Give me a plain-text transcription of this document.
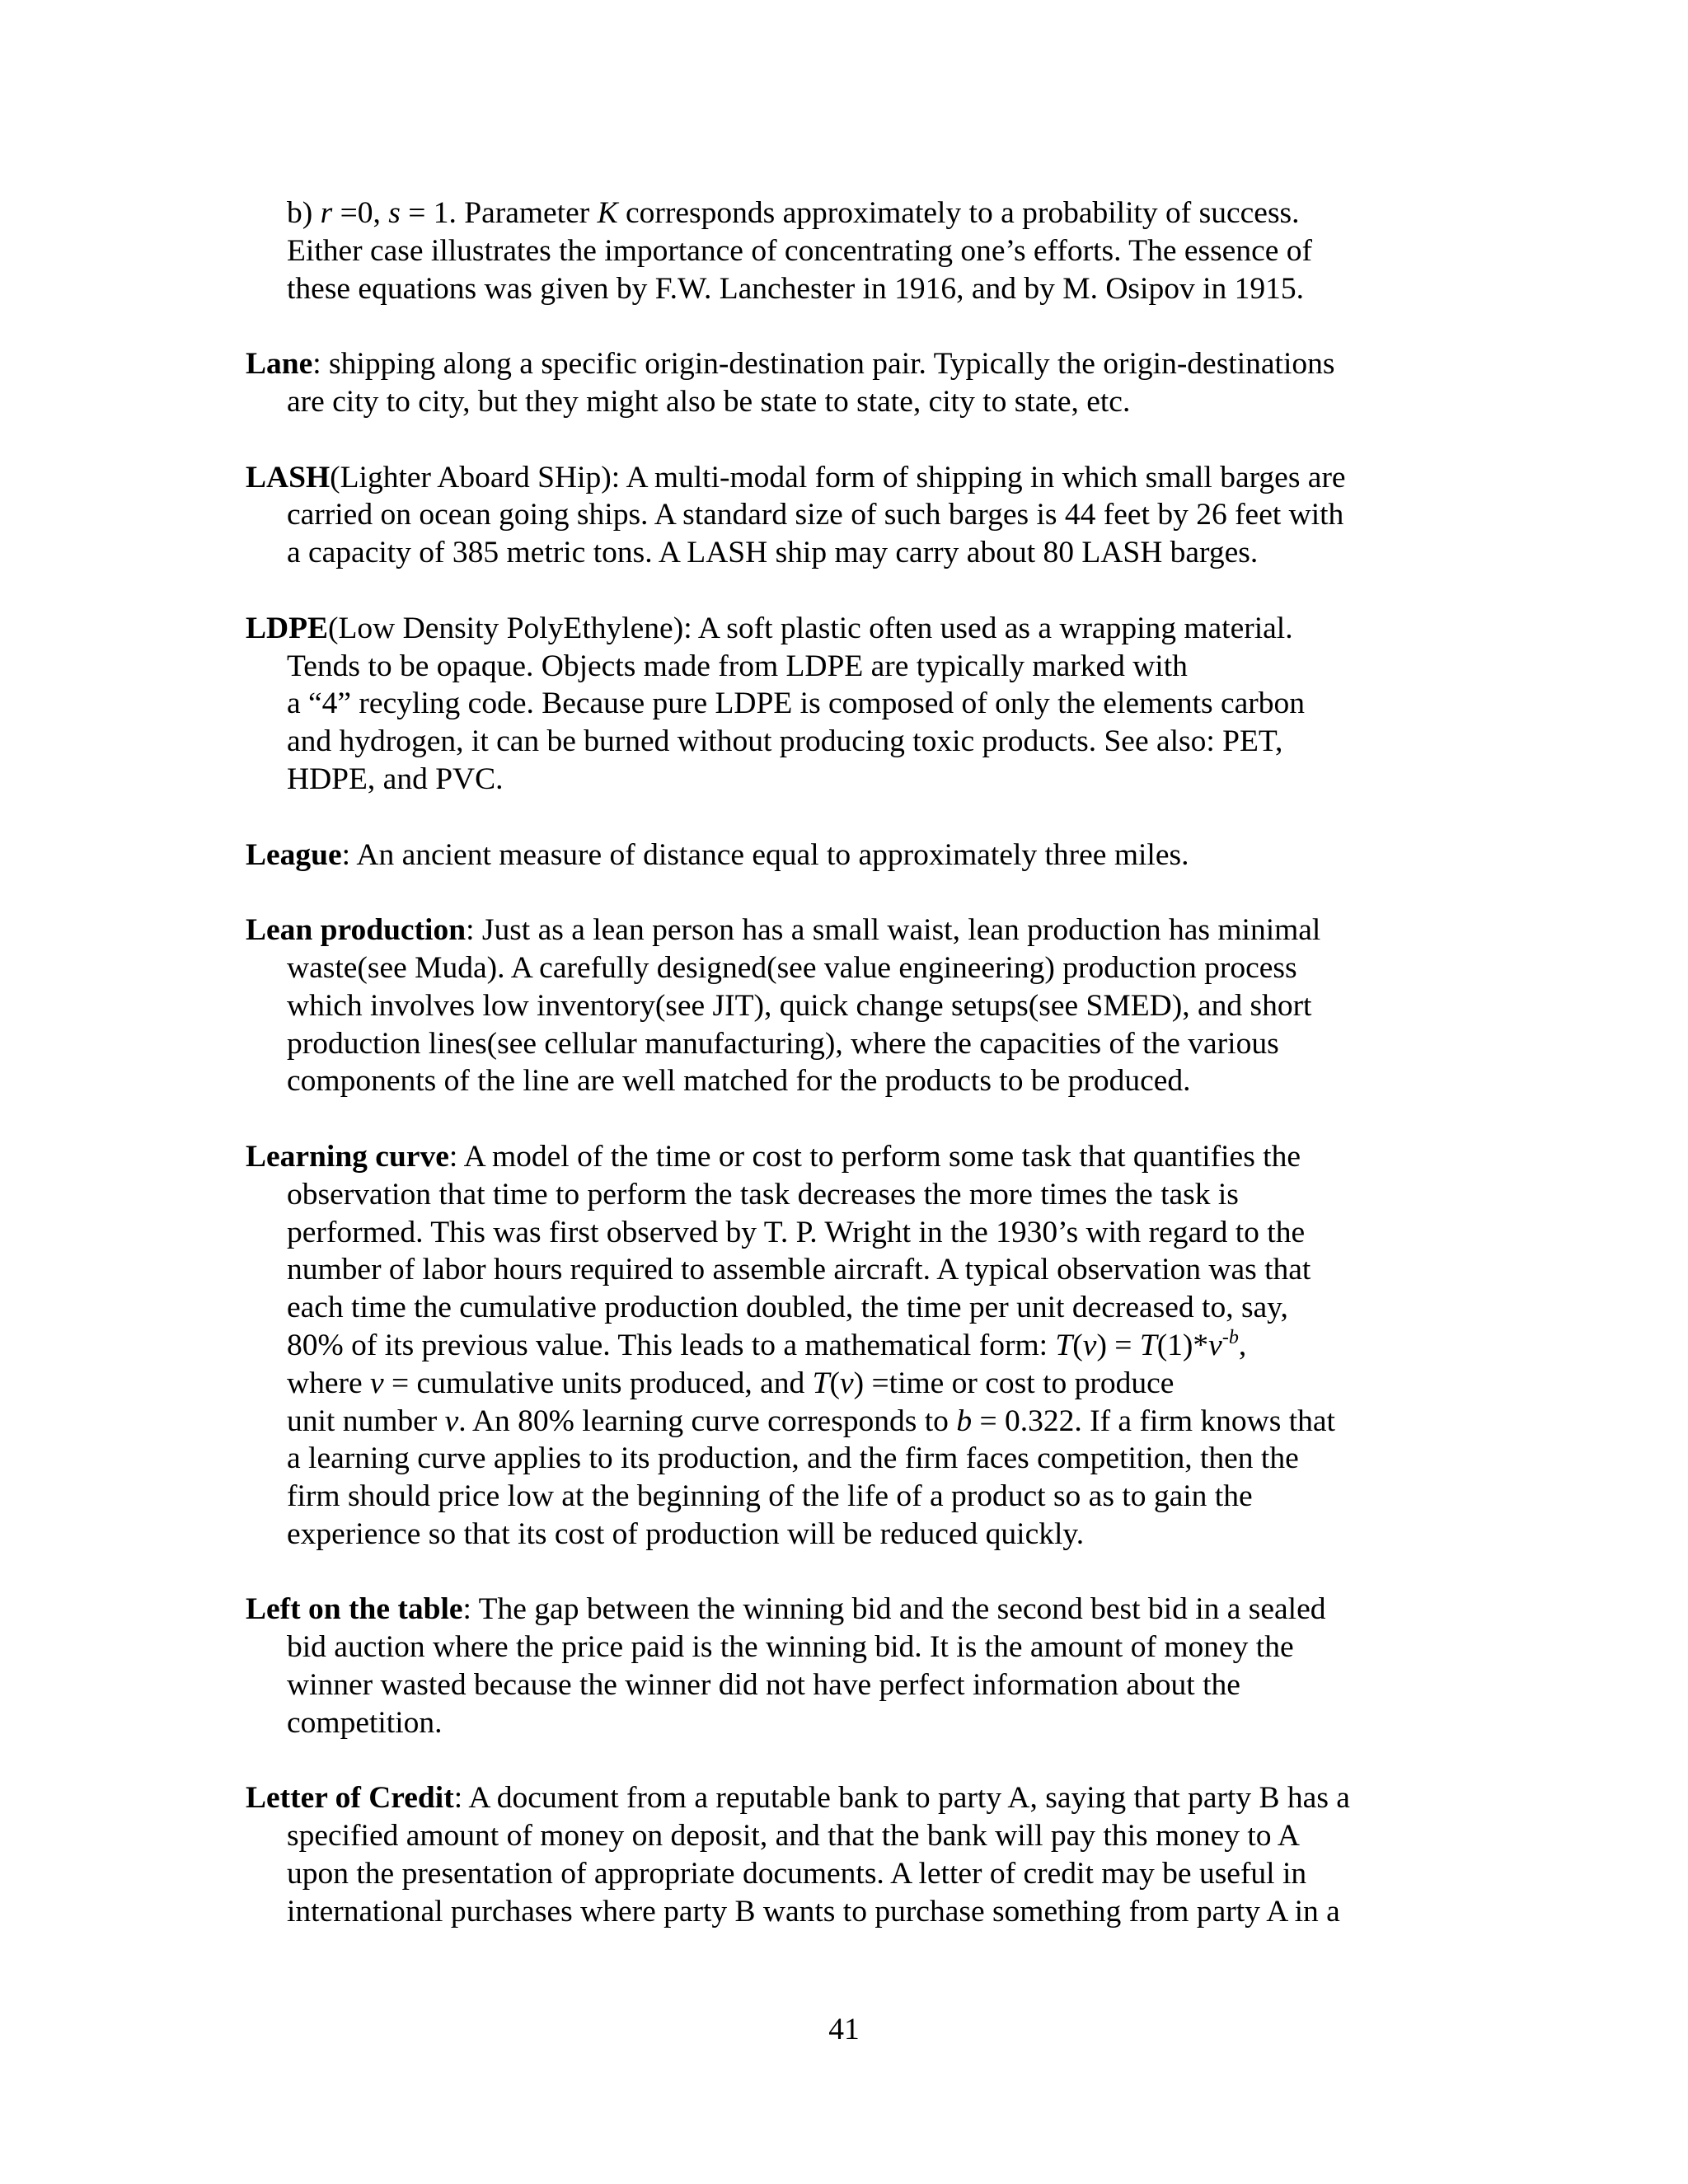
b) r =0, s = 1. Parameter K corresponds approximately to a probability of success.
Either case illustrates the importance of concentrating one’s efforts. The essence of
these equations was given by F.W. Lanchester in 1916, and by M. Osipov in 1915.
Lane: shipping along a specific origin-destination pair. Typically the origin-destinations
are city to city, but they might also be state to state, city to state, etc.
LASH(Lighter Aboard SHip): A multi-modal form of shipping in which small barges are
carried on ocean going ships. A standard size of such barges is 44 feet by 26 feet with
a capacity of 385 metric tons. A LASH ship may carry about 80 LASH barges.
LDPE(Low Density PolyEthylene): A soft plastic often used as a wrapping material.
Tends to be opaque. Objects made from LDPE are typically marked with
a “4” recyling code. Because pure LDPE is composed of only the elements carbon
and hydrogen, it can be burned without producing toxic products. See also: PET,
HDPE, and PVC.
League: An ancient measure of distance equal to approximately three miles.
Lean production: Just as a lean person has a small waist, lean production has minimal
waste(see Muda). A carefully designed(see value engineering) production process
which involves low inventory(see JIT), quick change setups(see SMED), and short
production lines(see cellular manufacturing), where the capacities of the various
components of the line are well matched for the products to be produced.
Learning curve: A model of the time or cost to perform some task that quantifies the
observation that time to perform the task decreases the more times the task is
performed. This was first observed by T. P. Wright in the 1930’s with regard to the
number of labor hours required to assemble aircraft. A typical observation was that
each time the cumulative production doubled, the time per unit decreased to, say,
80% of its previous value. This leads to a mathematical form: $T(v) = T(1)*v^{-b}$,
where v = cumulative units produced, and T(v) =time or cost to produce
unit number v. An 80% learning curve corresponds to b = 0.322. If a firm knows that
a learning curve applies to its production, and the firm faces competition, then the
firm should price low at the beginning of the life of a product so as to gain the
experience so that its cost of production will be reduced quickly.
Left on the table: The gap between the winning bid and the second best bid in a sealed
bid auction where the price paid is the winning bid. It is the amount of money the
winner wasted because the winner did not have perfect information about the
competition.
Letter of Credit: A document from a reputable bank to party A, saying that party B has a
specified amount of money on deposit, and that the bank will pay this money to A
upon the presentation of appropriate documents. A letter of credit may be useful in
international purchases where party B wants to purchase something from party A in a
41
